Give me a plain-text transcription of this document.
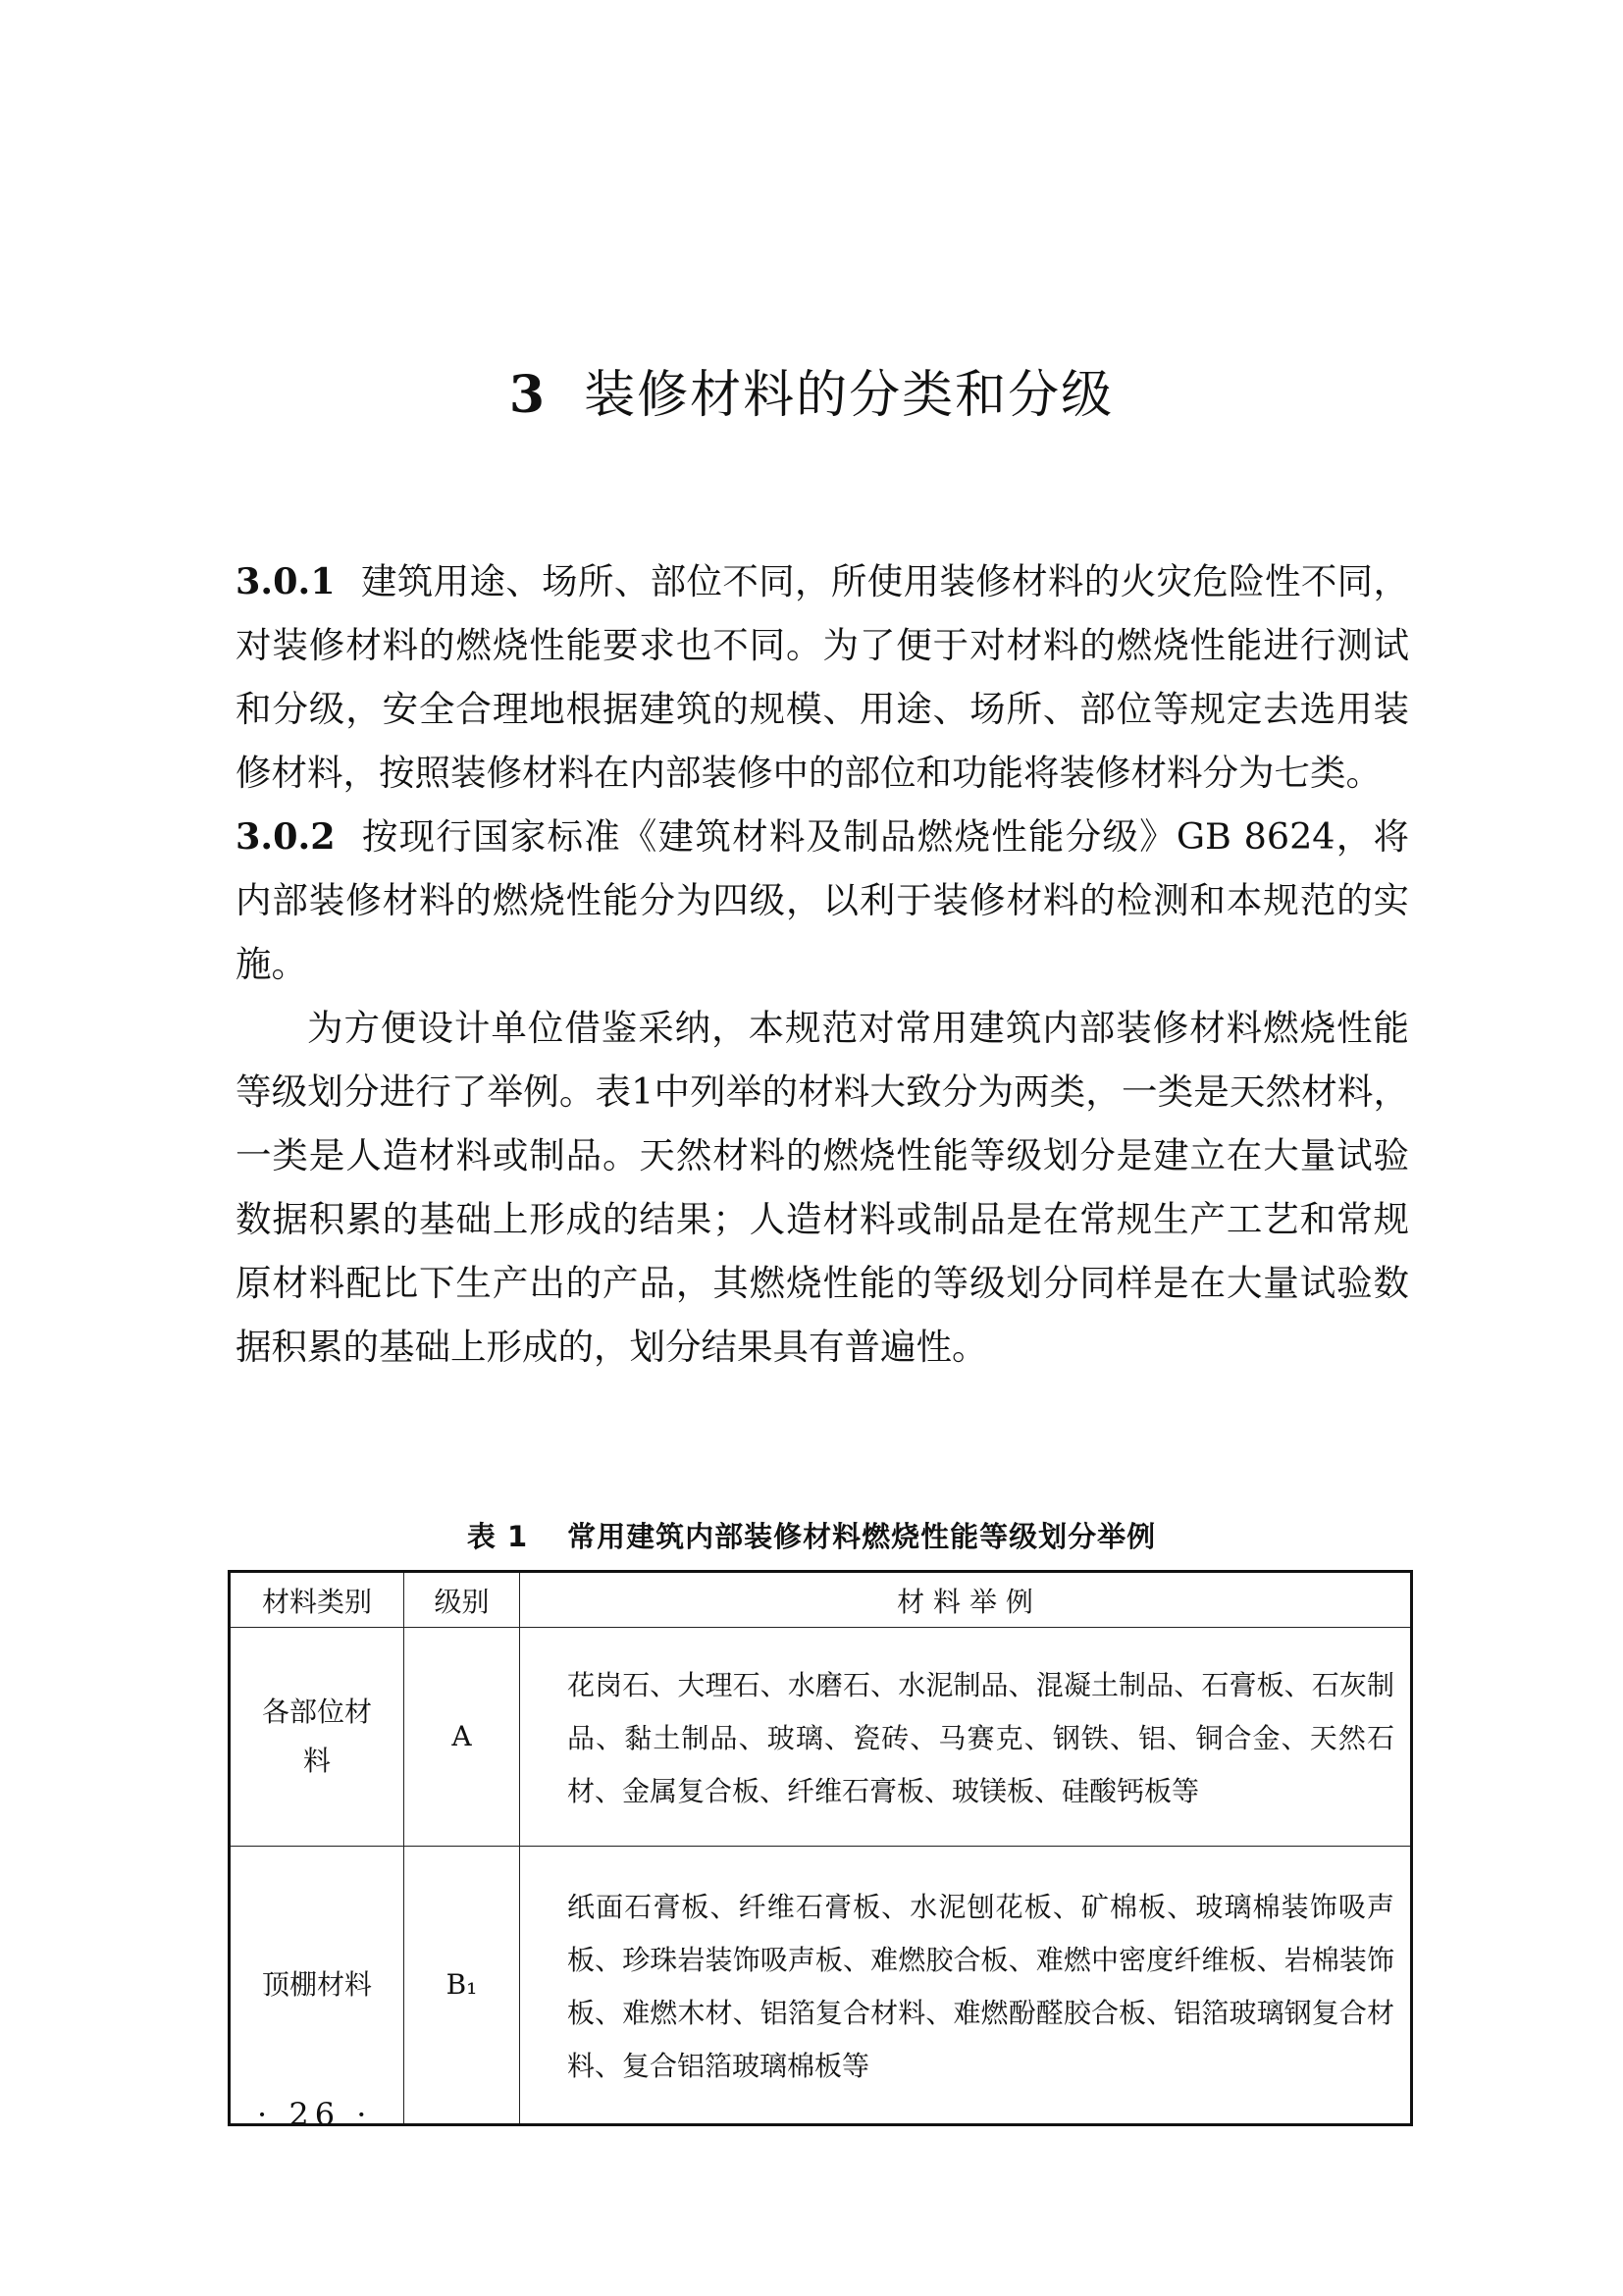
3 装修材料的分类和分级

3.0.1 建筑用途、场所、部位不同，所使用装修材料的火灾危险性不同，对装修材料的燃烧性能要求也不同。为了便于对材料的燃烧性能进行测试和分级，安全合理地根据建筑的规模、用途、场所、部位等规定去选用装修材料，按照装修材料在内部装修中的部位和功能将装修材料分为七类。

3.0.2 按现行国家标准《建筑材料及制品燃烧性能分级》GB 8624，将内部装修材料的燃烧性能分为四级，以利于装修材料的检测和本规范的实施。

为方便设计单位借鉴采纳，本规范对常用建筑内部装修材料燃烧性能等级划分进行了举例。表1中列举的材料大致分为两类，一类是天然材料，一类是人造材料或制品。天然材料的燃烧性能等级划分是建立在大量试验数据积累的基础上形成的结果；人造材料或制品是在常规生产工艺和常规原材料配比下生产出的产品，其燃烧性能的等级划分同样是在大量试验数据积累的基础上形成的，划分结果具有普遍性。

表 1 常用建筑内部装修材料燃烧性能等级划分举例
材料类别	级别	材 料 举 例

各部位材料	A	花岗石、大理石、水磨石、水泥制品、混凝土制品、石膏板、石灰制品、黏土制品、玻璃、瓷砖、马赛克、钢铁、铝、铜合金、天然石材、金属复合板、纤维石膏板、玻镁板、硅酸钙板等
顶棚材料	B₁	纸面石膏板、纤维石膏板、水泥刨花板、矿棉板、玻璃棉装饰吸声板、珍珠岩装饰吸声板、难燃胶合板、难燃中密度纤维板、岩棉装饰板、难燃木材、铝箔复合材料、难燃酚醛胶合板、铝箔玻璃钢复合材料、复合铝箔玻璃棉板等
· 26 ·
